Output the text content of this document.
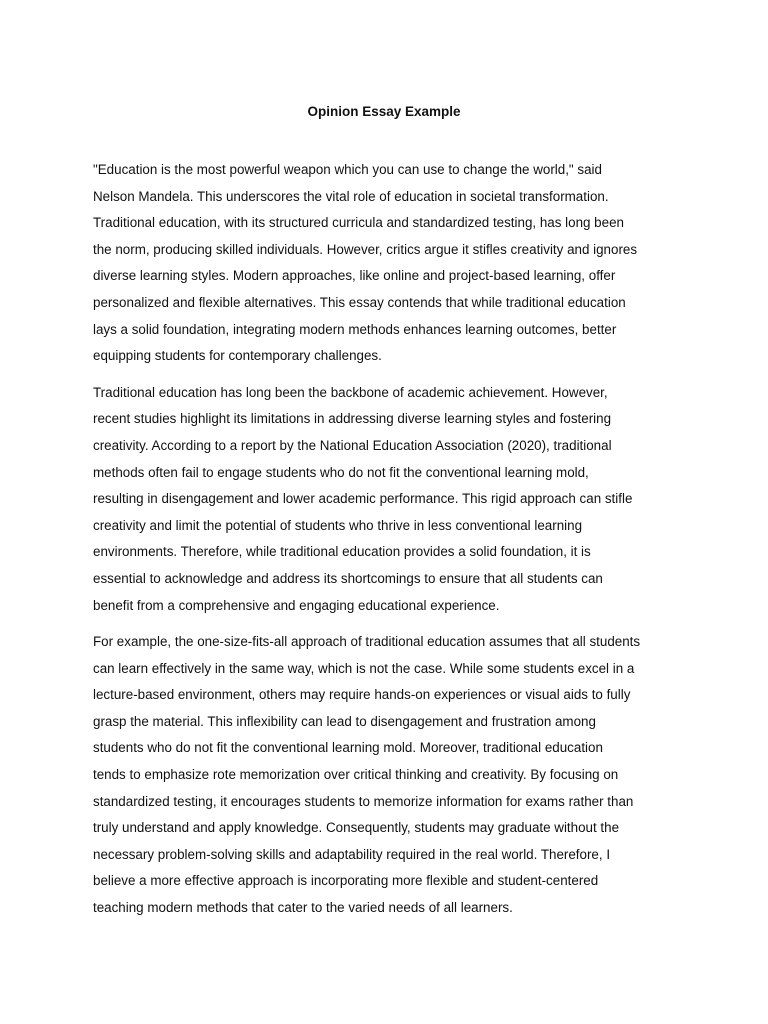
Opinion Essay Example

"Education is the most powerful weapon which you can use to change the world," said
Nelson Mandela. This underscores the vital role of education in societal transformation.
Traditional education, with its structured curricula and standardized testing, has long been
the norm, producing skilled individuals. However, critics argue it stifles creativity and ignores
diverse learning styles. Modern approaches, like online and project-based learning, offer
personalized and flexible alternatives. This essay contends that while traditional education
lays a solid foundation, integrating modern methods enhances learning outcomes, better
equipping students for contemporary challenges.

Traditional education has long been the backbone of academic achievement. However,
recent studies highlight its limitations in addressing diverse learning styles and fostering
creativity. According to a report by the National Education Association (2020), traditional
methods often fail to engage students who do not fit the conventional learning mold,
resulting in disengagement and lower academic performance. This rigid approach can stifle
creativity and limit the potential of students who thrive in less conventional learning
environments. Therefore, while traditional education provides a solid foundation, it is
essential to acknowledge and address its shortcomings to ensure that all students can
benefit from a comprehensive and engaging educational experience.

For example, the one-size-fits-all approach of traditional education assumes that all students
can learn effectively in the same way, which is not the case. While some students excel in a
lecture-based environment, others may require hands-on experiences or visual aids to fully
grasp the material. This inflexibility can lead to disengagement and frustration among
students who do not fit the conventional learning mold. Moreover, traditional education
tends to emphasize rote memorization over critical thinking and creativity. By focusing on
standardized testing, it encourages students to memorize information for exams rather than
truly understand and apply knowledge. Consequently, students may graduate without the
necessary problem-solving skills and adaptability required in the real world. Therefore, I
believe a more effective approach is incorporating more flexible and student-centered
teaching modern methods that cater to the varied needs of all learners.
